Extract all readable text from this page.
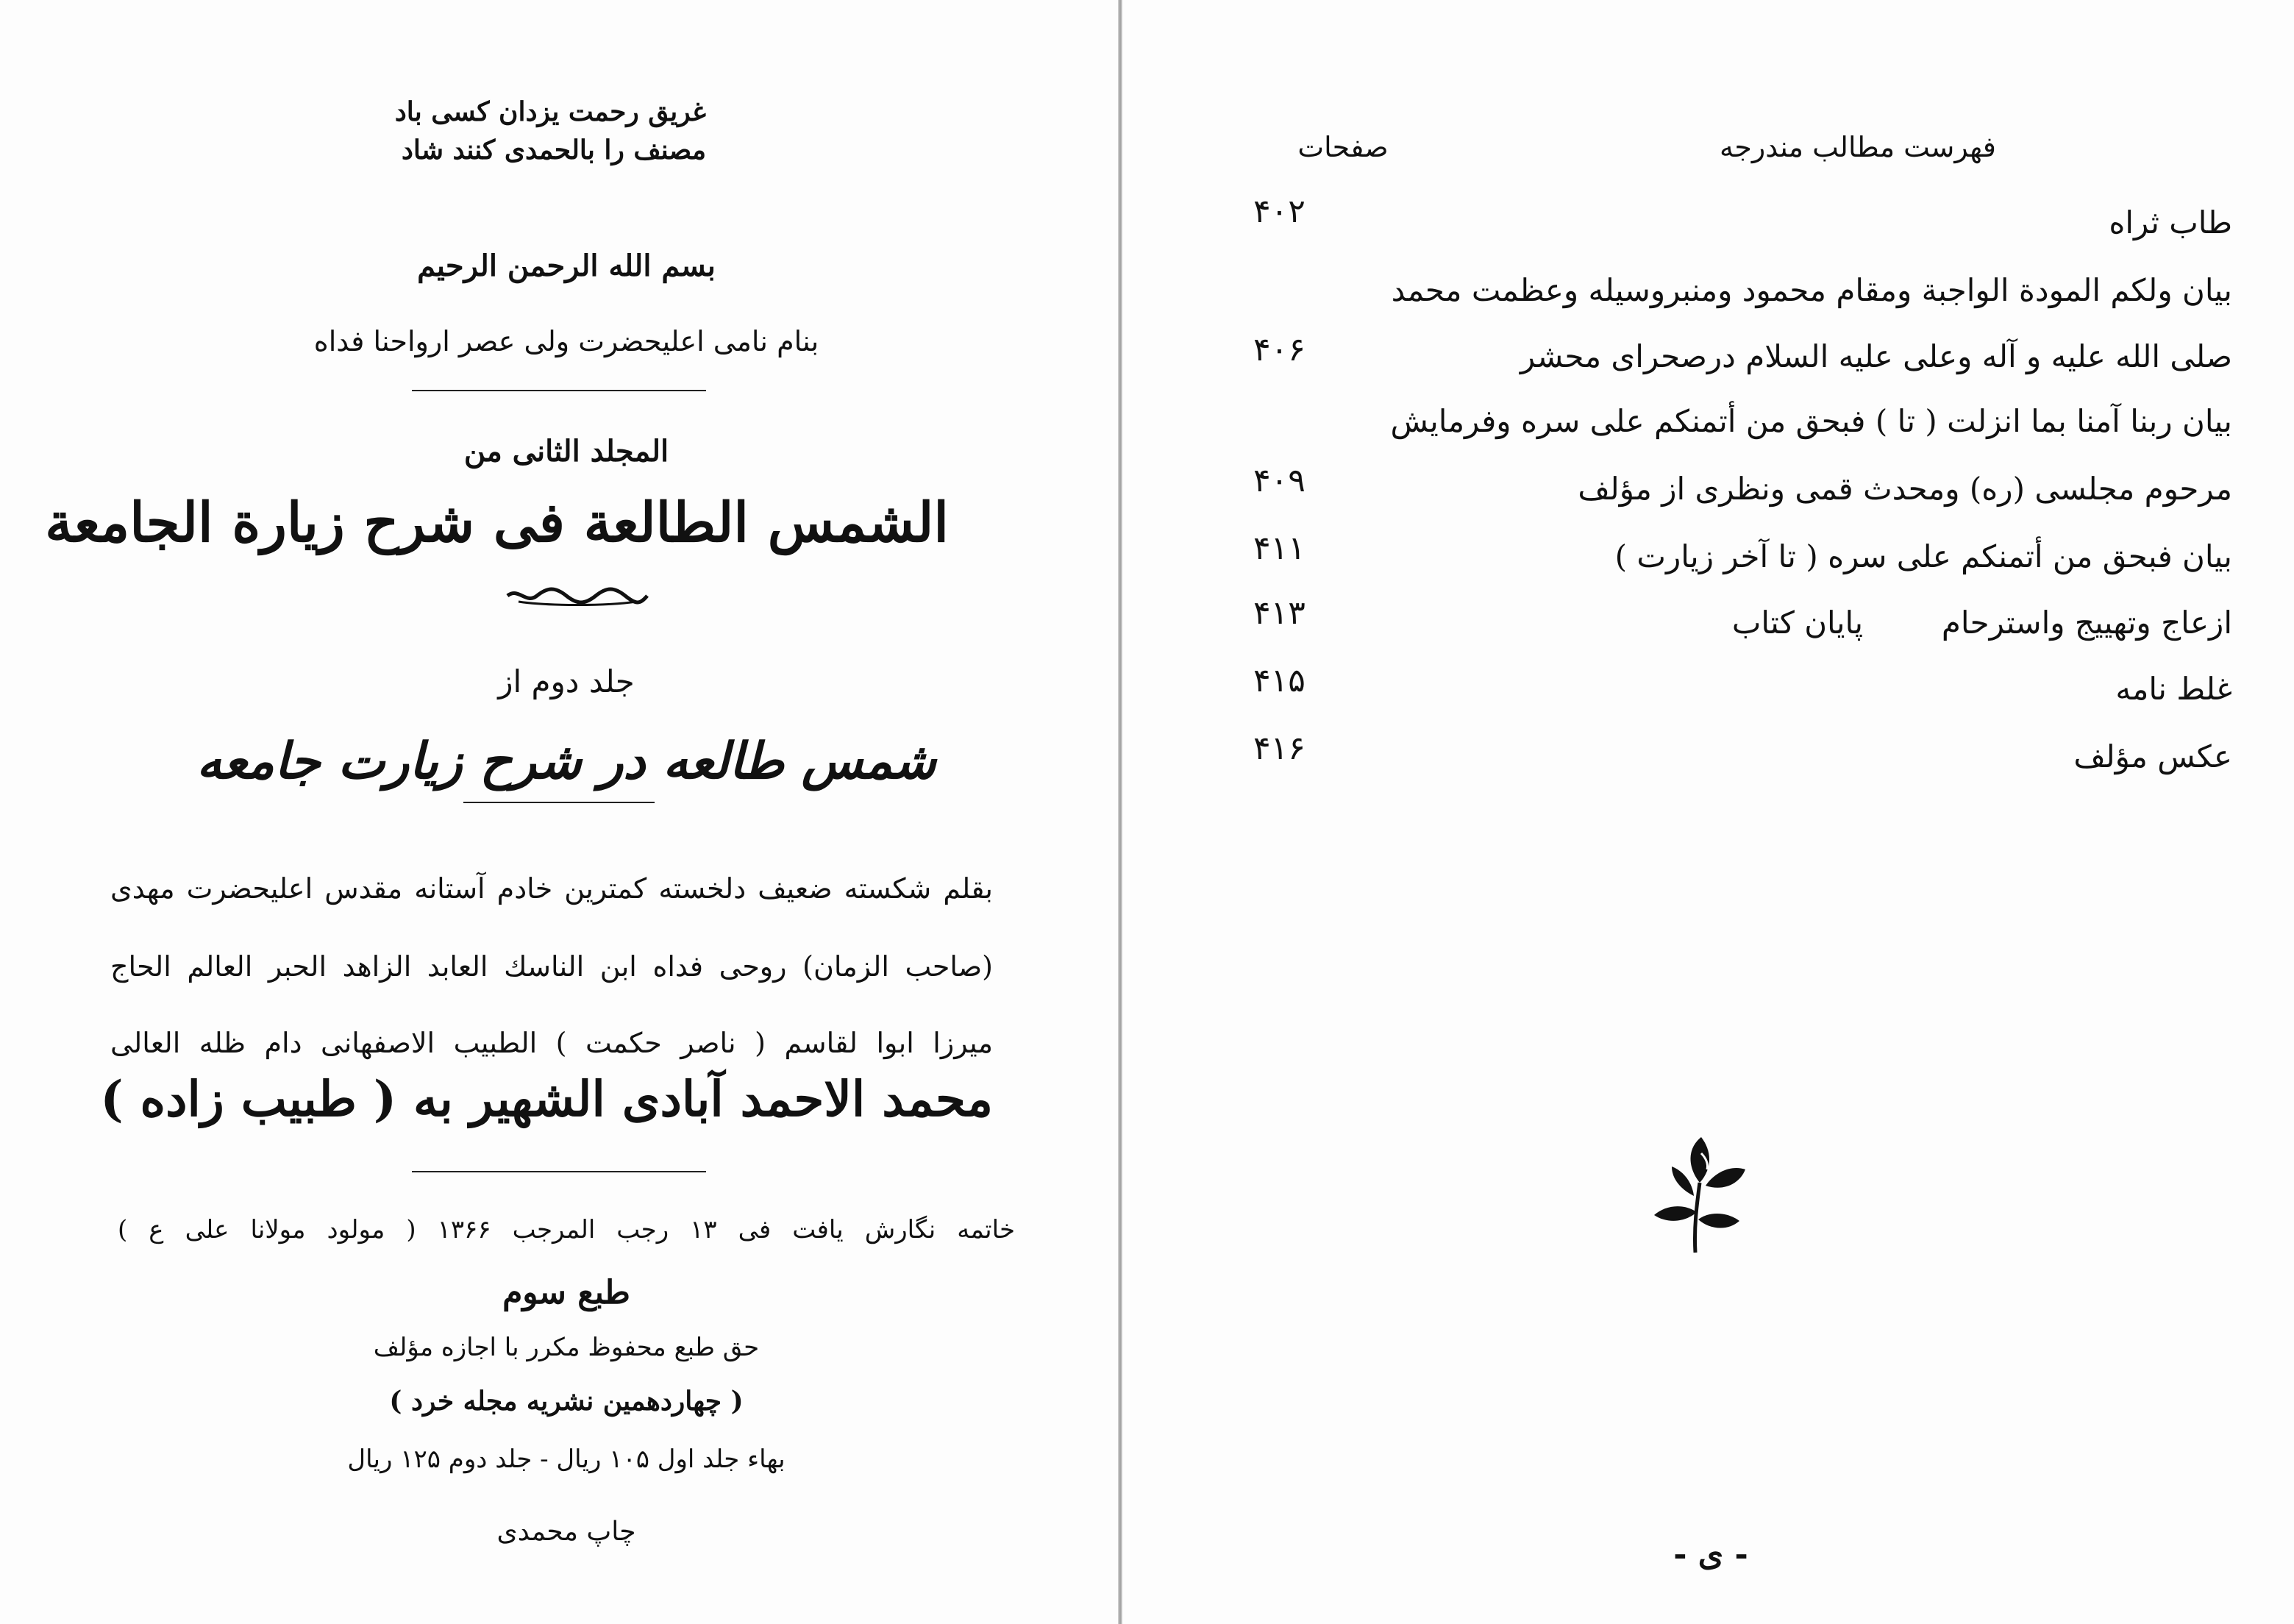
غریق رحمت یزدان کسی باد
مصنف را بالحمدی کنند شاد
بسم الله الرحمن الرحیم
بنام نامی اعلیحضرت ولی عصر ارواحنا فداه
المجلد الثانی من
الشمس الطالعة فی شرح زیارة الجامعة
جلد دوم از
شمس طالعه در شرح زیارت جامعه
بقلم شکسته ضعیف دلخسته کمترین خادم آستانه مقدس اعلیحضرت مهدی
(صاحب الزمان) روحی فداه ابن الناسك العابد الزاهد الحبر العالم الحاج
میرزا ابوا لقاسم ( ناصر حکمت ) الطبیب الاصفهانی دام ظله العالی
محمد الاحمد آبادی الشهیر به ( طبیب زاده )
خاتمه نگارش یافت فی ۱۳ رجب المرجب ۱۳۶۶ ( مولود مولانا علی ع )
طبع سوم
حق طبع محفوظ مکرر با اجازه مؤلف
( چهاردهمین نشریه مجله خرد )
بهاء جلد اول ۱۰۵ ریال - جلد دوم ۱۲۵ ریال
چاپ محمدی
فهرست مطالب مندرجه
صفحات
طاب ثراه
۴۰۲
بیان ولکم المودة الواجبة ومقام محمود ومنبروسیله وعظمت محمد
صلی الله علیه و آله وعلی علیه السلام درصحرای محشر
۴۰۶
بیان ربنا آمنا بما انزلت ( تا ) فبحق من أتمنکم علی سره وفرمایش
مرحوم مجلسی (ره) ومحدث قمی ونظری از مؤلف
۴۰۹
بیان فبحق من أتمنکم علی سره ( تا آخر زیارت )
۴۱۱
ازعاج وتهییج واسترحام        پایان کتاب
۴۱۳
غلط نامه
۴۱۵
عکس مؤلف
۴۱۶
- ی -
